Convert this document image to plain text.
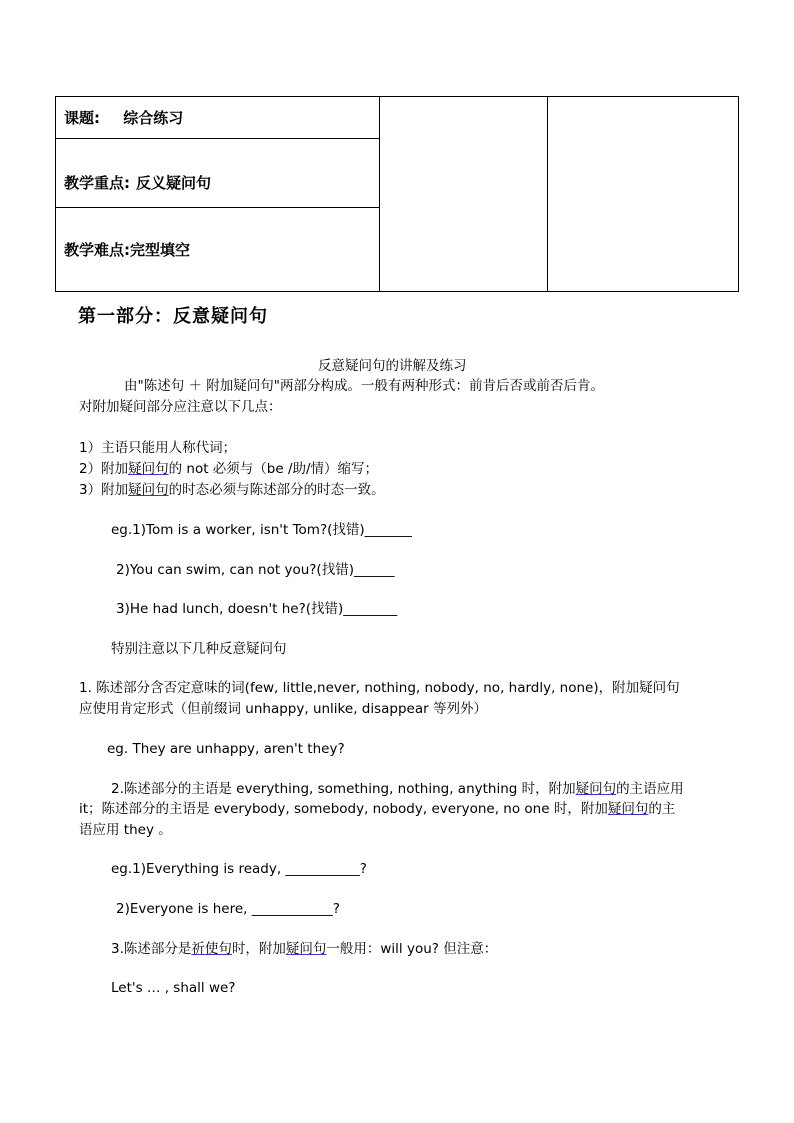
课题: 综合练习
教学重点: 反义疑问句
教学难点:完型填空
第一部分：反意疑问句
反意疑问句的讲解及练习
由"陈述句 ＋ 附加疑问句"两部分构成。一般有两种形式：前肯后否或前否后肯。
对附加疑问部分应注意以下几点：
1）主语只能用人称代词；
2）附加疑问句的 not 必须与（be /助/情）缩写；
3）附加疑问句的时态必须与陈述部分的时态一致。
eg.1)Tom is a worker, isn't Tom?(找错)_______
2)You can swim, can not you?(找错)______
3)He had lunch, doesn't he?(找错)________
特别注意以下几种反意疑问句
1. 陈述部分含否定意味的词(few, little,never, nothing, nobody, no, hardly, none)，附加疑问句
应使用肯定形式（但前缀词 unhappy, unlike, disappear 等列外）
eg. They are unhappy, aren't they?
2.陈述部分的主语是 everything, something, nothing, anything 时，附加疑问句的主语应用
it；陈述部分的主语是 everybody, somebody, nobody, everyone, no one 时，附加疑问句的主
语应用 they 。
eg.1)Everything is ready, ___________?
2)Everyone is here, ____________?
3.陈述部分是祈使句时，附加疑问句一般用：will you? 但注意：
Let's … , shall we?
